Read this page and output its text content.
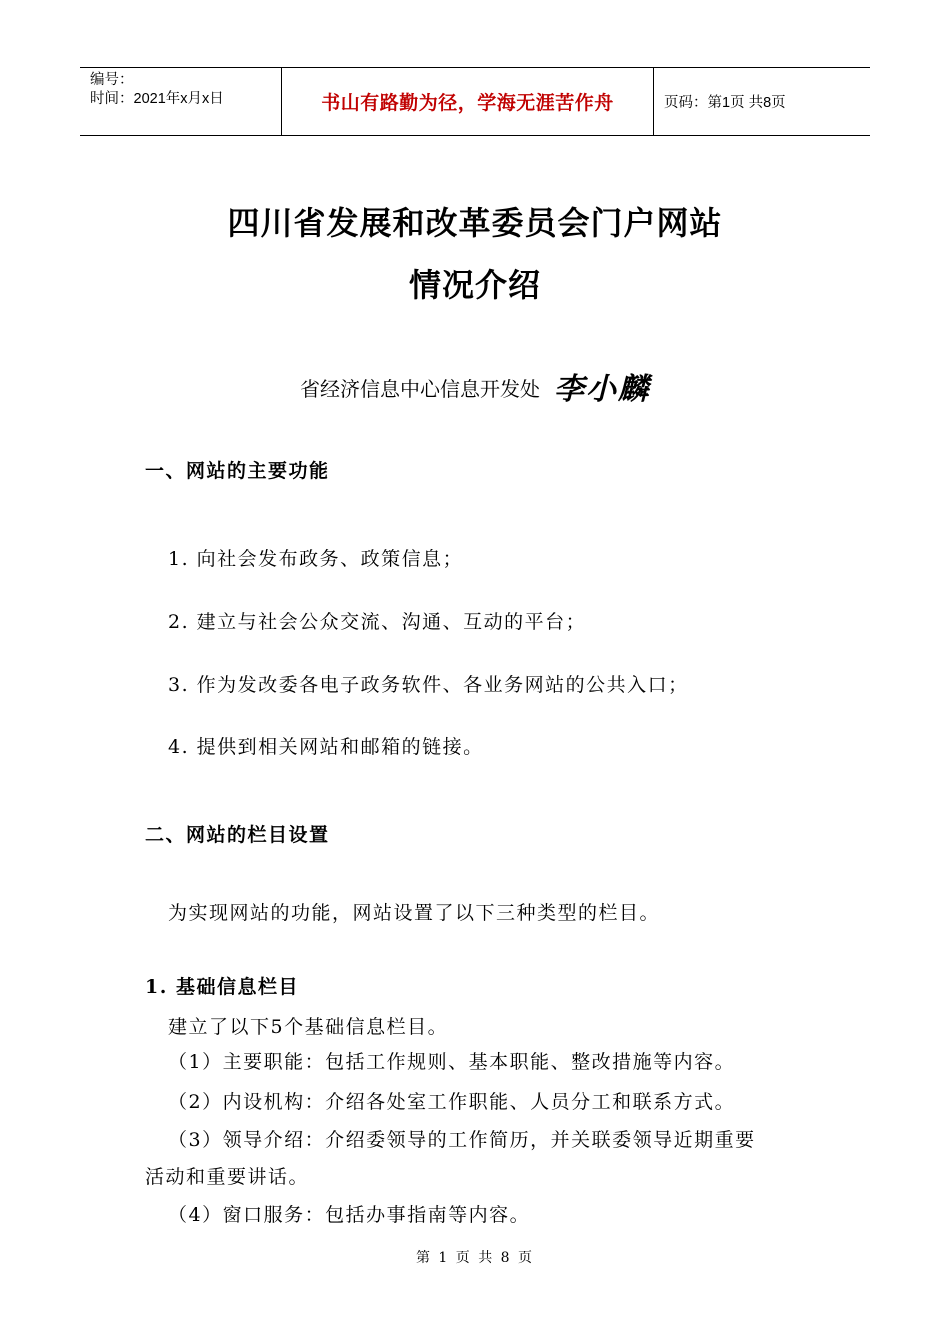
编号：
时间：2021年x月x日	书山有路勤为径，学海无涯苦作舟	页码：第1页 共8页
四川省发展和改革委员会门户网站
情况介绍
省经济信息中心信息开发处 李小麟
一、网站的主要功能
1. 向社会发布政务、政策信息；
2. 建立与社会公众交流、沟通、互动的平台；
3. 作为发改委各电子政务软件、各业务网站的公共入口；
4. 提供到相关网站和邮箱的链接。
二、网站的栏目设置
为实现网站的功能，网站设置了以下三种类型的栏目。
1. 基础信息栏目
建立了以下5个基础信息栏目。
（1）主要职能：包括工作规则、基本职能、整改措施等内容。
（2）内设机构：介绍各处室工作职能、人员分工和联系方式。
（3）领导介绍：介绍委领导的工作简历，并关联委领导近期重要
活动和重要讲话。
（4）窗口服务：包括办事指南等内容。
第 1 页 共 8 页
